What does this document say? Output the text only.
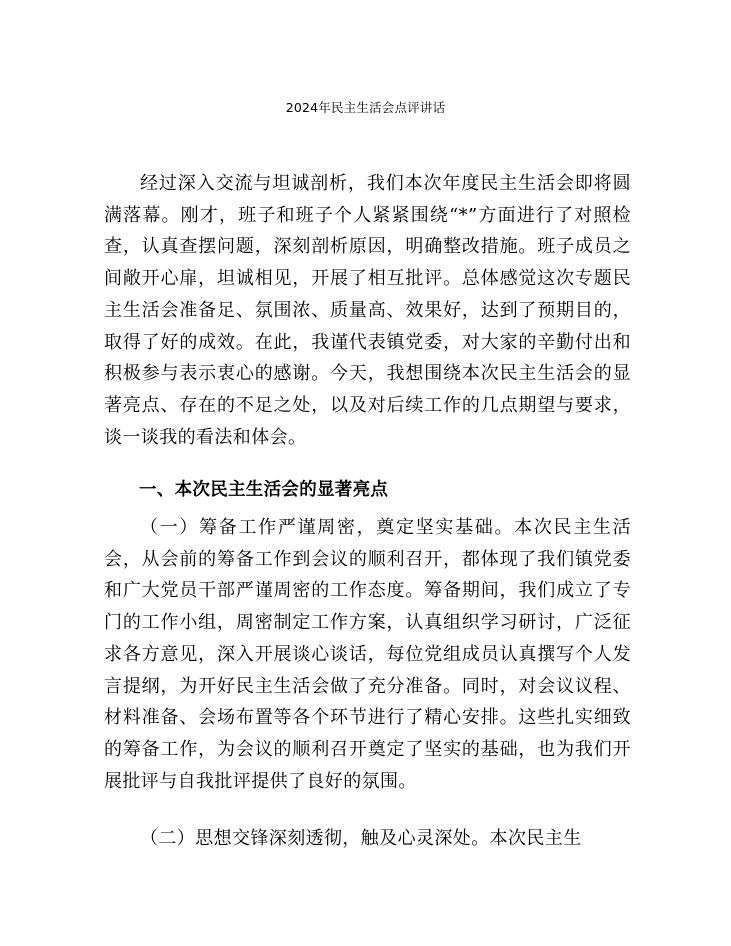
2024年民主生活会点评讲话

经过深入交流与坦诚剖析，我们本次年度民主生活会即将圆满落幕。刚才，班子和班子个人紧紧围绕“*”方面进行了对照检查，认真查摆问题，深刻剖析原因，明确整改措施。班子成员之间敞开心扉，坦诚相见，开展了相互批评。总体感觉这次专题民主生活会准备足、氛围浓、质量高、效果好，达到了预期目的，取得了好的成效。在此，我谨代表镇党委，对大家的辛勤付出和积极参与表示衷心的感谢。今天，我想围绕本次民主生活会的显著亮点、存在的不足之处，以及对后续工作的几点期望与要求，谈一谈我的看法和体会。

一、本次民主生活会的显著亮点

（一）筹备工作严谨周密，奠定坚实基础。本次民主生活会，从会前的筹备工作到会议的顺利召开，都体现了我们镇党委和广大党员干部严谨周密的工作态度。筹备期间，我们成立了专门的工作小组，周密制定工作方案，认真组织学习研讨，广泛征求各方意见，深入开展谈心谈话，每位党组成员认真撰写个人发言提纲，为开好民主生活会做了充分准备。同时，对会议议程、材料准备、会场布置等各个环节进行了精心安排。这些扎实细致的筹备工作，为会议的顺利召开奠定了坚实的基础，也为我们开展批评与自我批评提供了良好的氛围。

（二）思想交锋深刻透彻，触及心灵深处。本次民主生
